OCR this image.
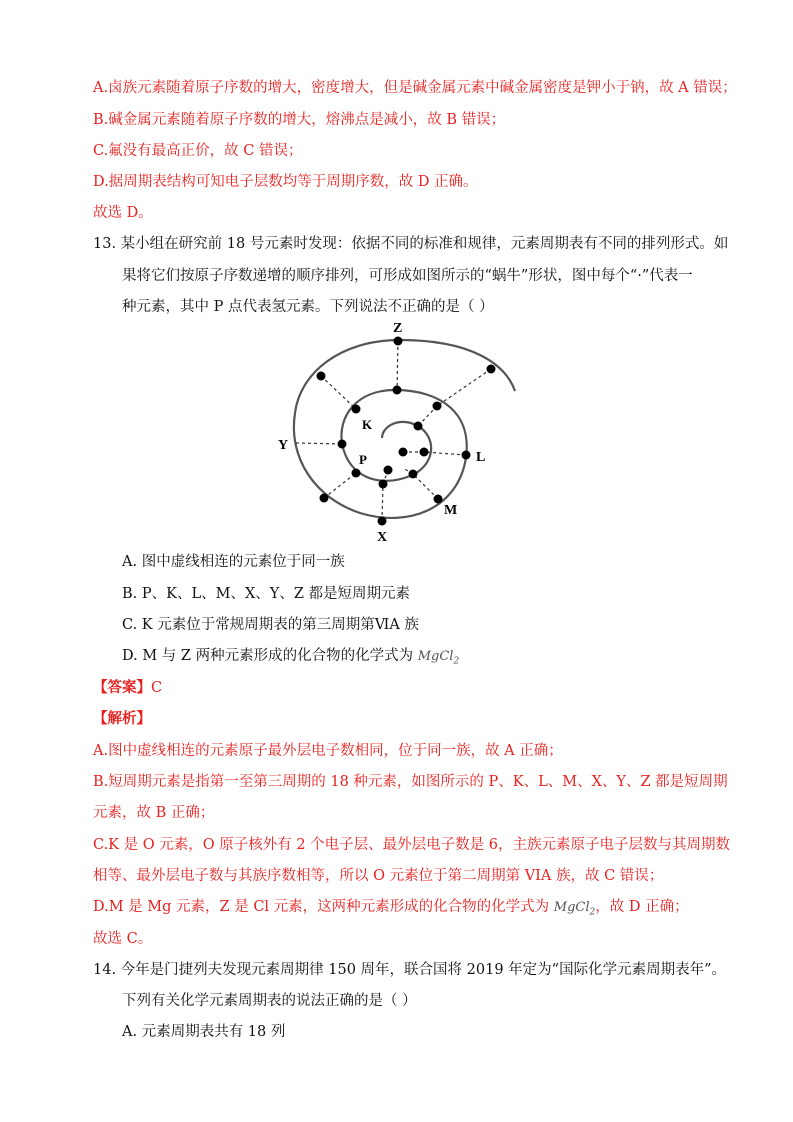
A.卤族元素随着原子序数的增大，密度增大，但是碱金属元素中碱金属密度是钾小于钠，故 A 错误；
B.碱金属元素随着原子序数的增大，熔沸点是减小，故 B 错误；
C.氟没有最高正价，故 C 错误；
D.据周期表结构可知电子层数均等于周期序数，故 D 正确。
故选 D。
13. 某小组在研究前 18 号元素时发现：依据不同的标准和规律，元素周期表有不同的排列形式。如
果将它们按原子序数递增的顺序排列，可形成如图所示的“蜗牛”形状，图中每个“·”代表一
种元素，其中 P 点代表氢元素。下列说法不正确的是（ ）
Z
K
Y
P	L
M
X
A. 图中虚线相连的元素位于同一族
B. P、K、L、M、X、Y、Z 都是短周期元素
C. K 元素位于常规周期表的第三周期第ⅥA 族
D. M 与 Z 两种元素形成的化合物的化学式为 MgCl$_2$
【答案】C
【解析】
A.图中虚线相连的元素原子最外层电子数相同，位于同一族，故 A 正确；
B.短周期元素是指第一至第三周期的 18 种元素，如图所示的 P、K、L、M、X、Y、Z 都是短周期
元素，故 B 正确；
C.K 是 O 元素，O 原子核外有 2 个电子层、最外层电子数是 6，主族元素原子电子层数与其周期数
相等、最外层电子数与其族序数相等，所以 O 元素位于第二周期第 VIA 族，故 C 错误；
D.M 是 Mg 元素，Z 是 Cl 元素，这两种元素形成的化合物的化学式为 MgCl$_2$，故 D 正确；
故选 C。
14. 今年是门捷列夫发现元素周期律 150 周年，联合国将 2019 年定为“国际化学元素周期表年”。
下列有关化学元素周期表的说法正确的是（ ）
A. 元素周期表共有 18 列
